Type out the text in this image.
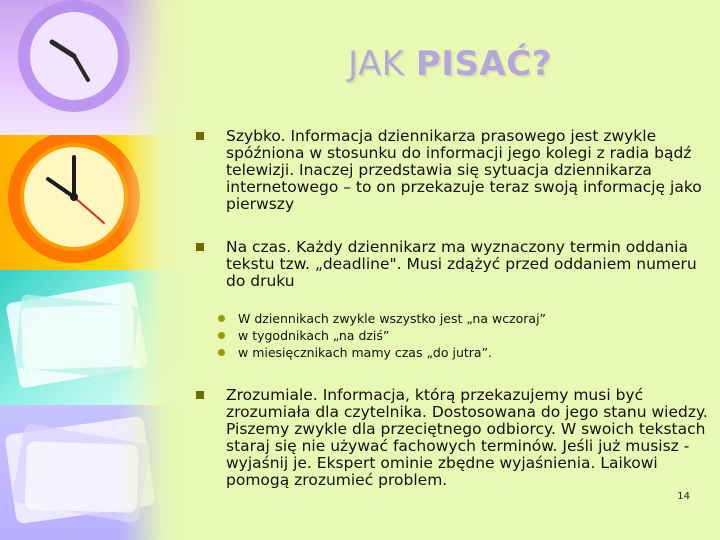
JAK PISAĆ?
Szybko. Informacja dziennikarza prasowego jest zwykle spóźniona w stosunku do informacji jego kolegi z radia bądź telewizji. Inaczej przedstawia się sytuacja dziennikarza internetowego – to on przekazuje teraz swoją informację jako pierwszy
Na czas. Każdy dziennikarz ma wyznaczony termin oddania tekstu tzw. „deadline". Musi zdążyć przed oddaniem numeru do druku
W dziennikach zwykle wszystko jest „na wczoraj”
w tygodnikach „na dziś”
w miesięcznikach mamy czas „do jutra”.
Zrozumiale. Informacja, którą przekazujemy musi być zrozumiała dla czytelnika. Dostosowana do jego stanu wiedzy. Piszemy zwykle dla przeciętnego odbiorcy. W swoich tekstach staraj się nie używać fachowych terminów. Jeśli już musisz - wyjaśnij je. Ekspert ominie zbędne wyjaśnienia. Laikowi pomogą zrozumieć problem.
14
